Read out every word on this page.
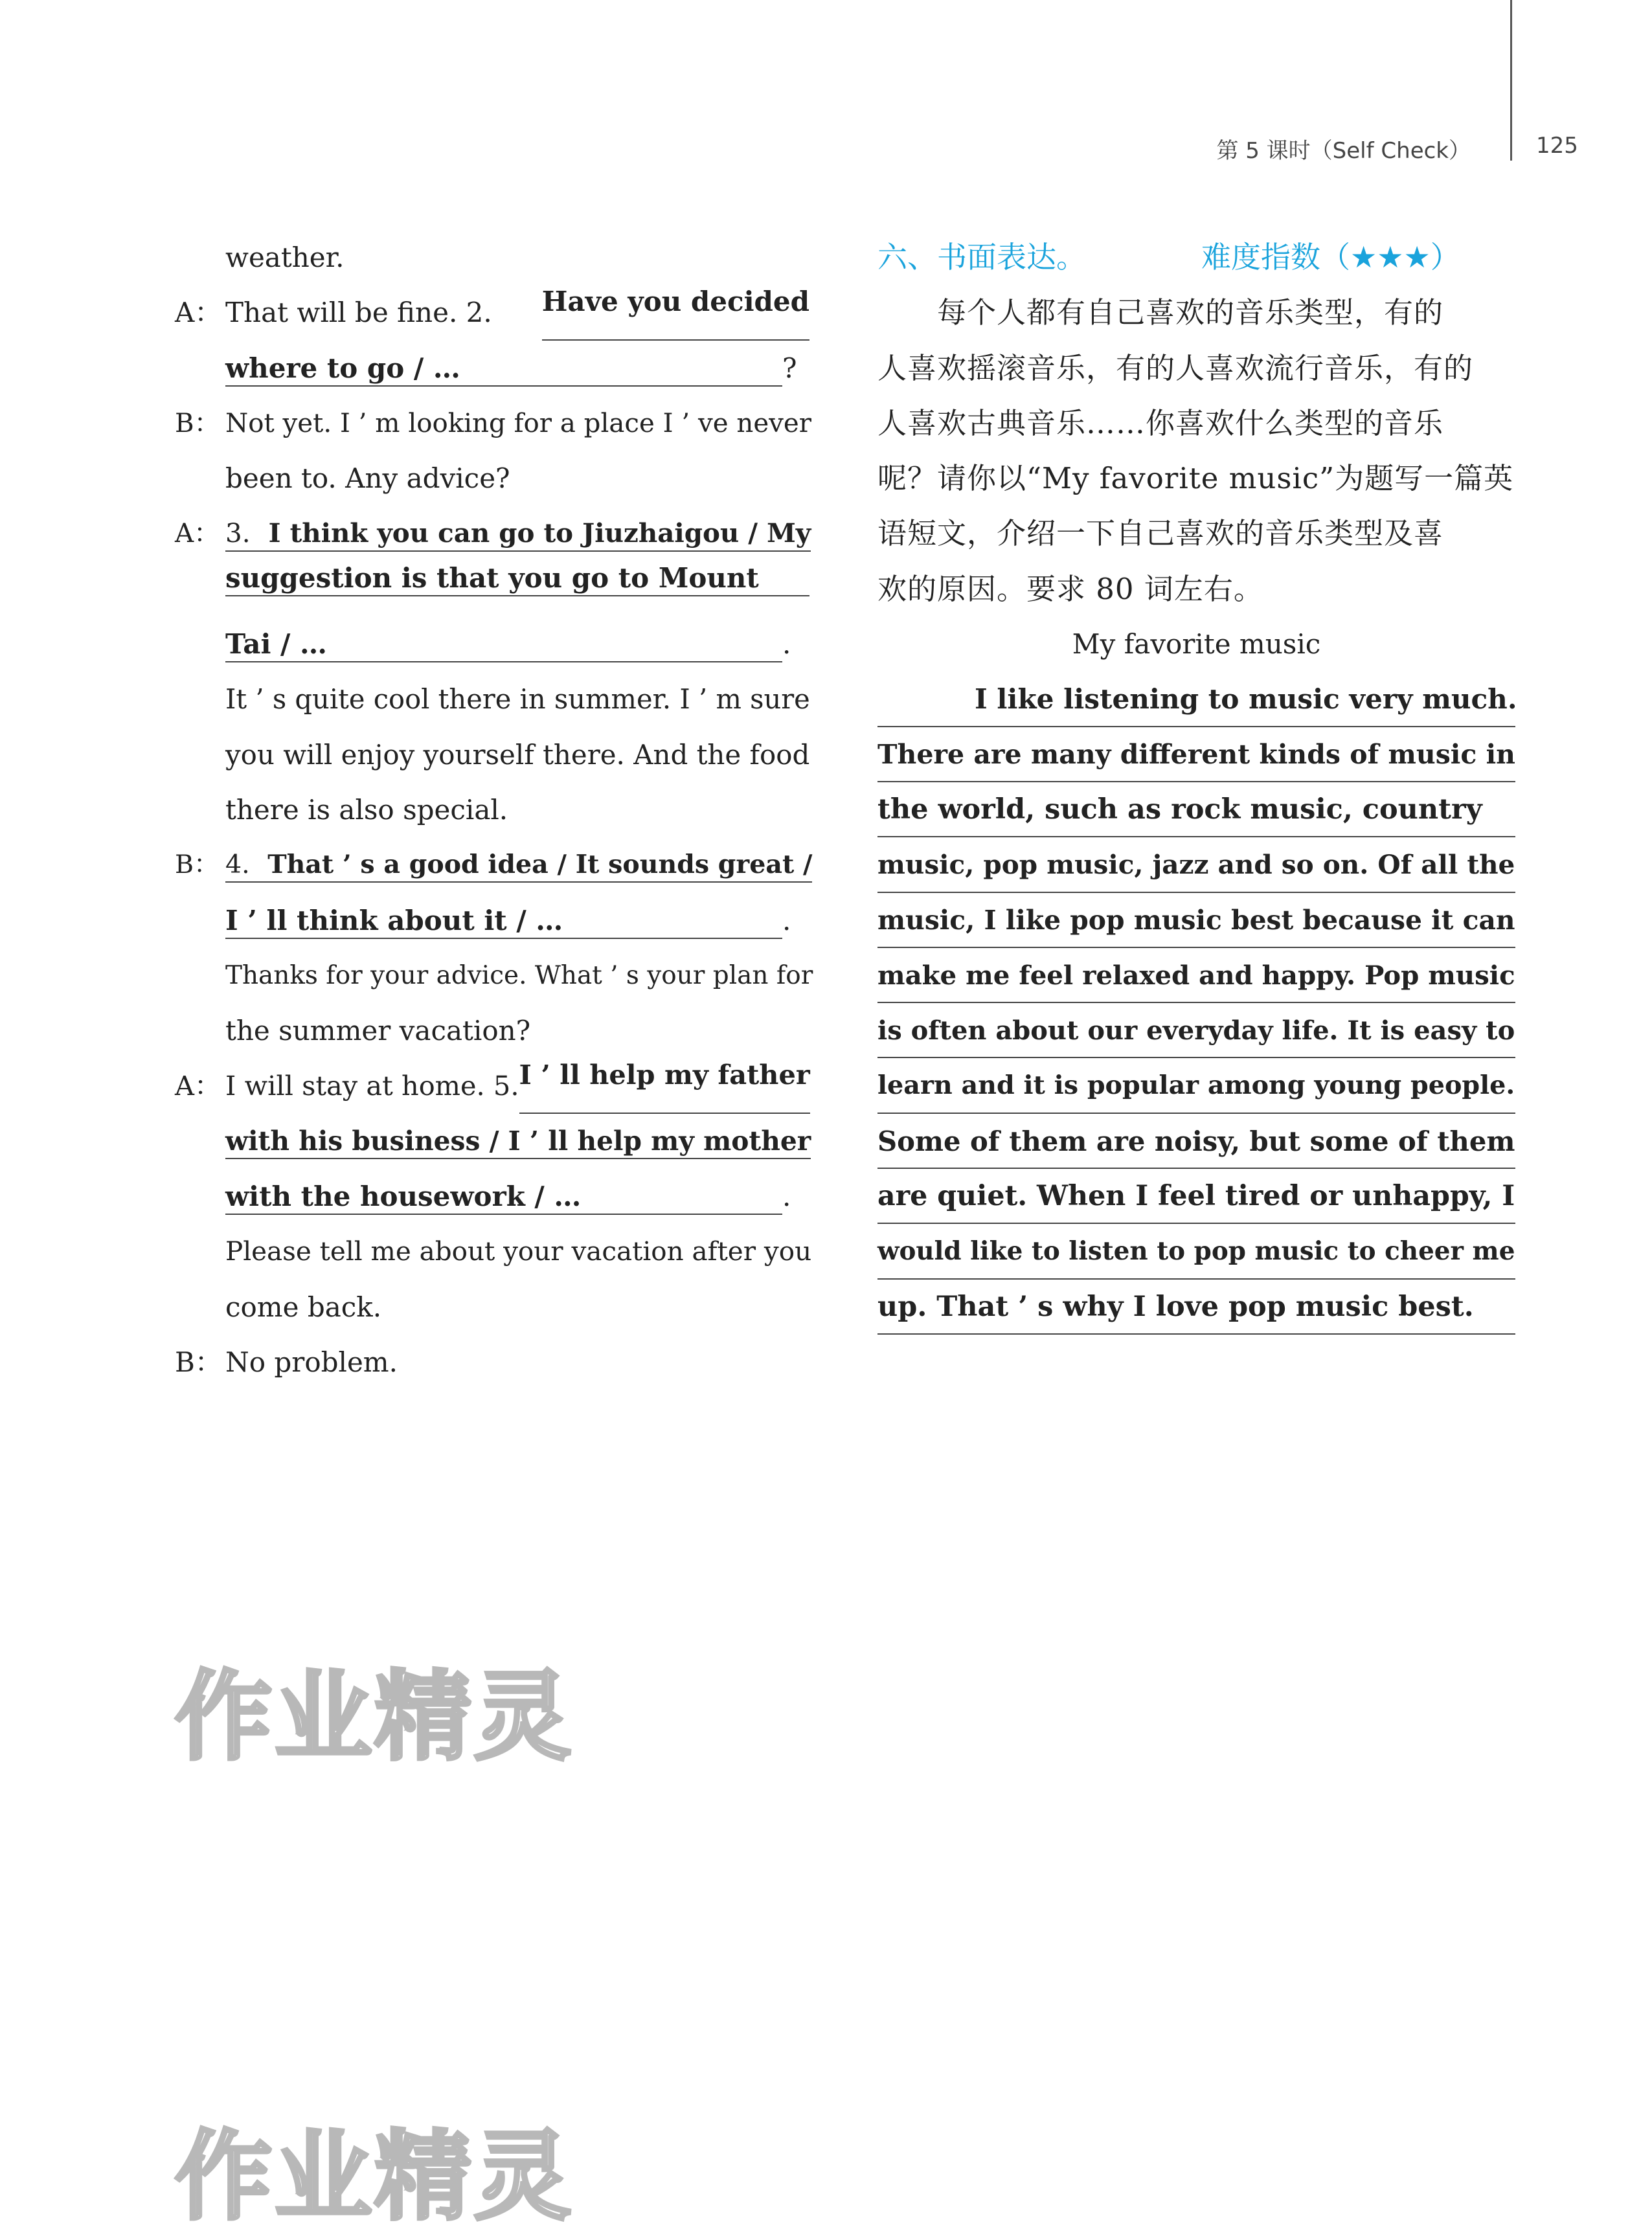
第 5 课时（Self Check）	125
weather.
A： That will be fine. 2. Have you decided
where to go / …	?
B： Not yet. I ’ m looking for a place I ’ ve never
been to. Any advice?
A： 3. I think you can go to Jiuzhaigou / My
suggestion is that you go to Mount
Tai / …	.
It ’ s quite cool there in summer. I ’ m sure
you will enjoy yourself there. And the food
there is also special.
B： 4. That ’ s a good idea / It sounds great /
I ’ ll think about it / …	.
Thanks for your advice. What ’ s your plan for
the summer vacation?
A： I will stay at home. 5. I ’ ll help my father
with his business / I ’ ll help my mother
with the housework / …	.
Please tell me about your vacation after you
come back.
B： No problem.
六、书面表达。	难度指数（★★★）
每个人都有自己喜欢的音乐类型，有的
人喜欢摇滚音乐，有的人喜欢流行音乐，有的
人喜欢古典音乐……你喜欢什么类型的音乐
呢？请你以“My favorite music”为题写一篇英
语短文，介绍一下自己喜欢的音乐类型及喜
欢的原因。要求 80 词左右。
My favorite music
I like listening to music very much.
There are many different kinds of music in
the world, such as rock music, country
music, pop music, jazz and so on. Of all the
music, I like pop music best because it can
make me feel relaxed and happy. Pop music
is often about our everyday life. It is easy to
learn and it is popular among young people.
Some of them are noisy, but some of them
are quiet. When I feel tired or unhappy, I
would like to listen to pop music to cheer me
up. That ’ s why I love pop music best.
作业精灵
作业精灵
